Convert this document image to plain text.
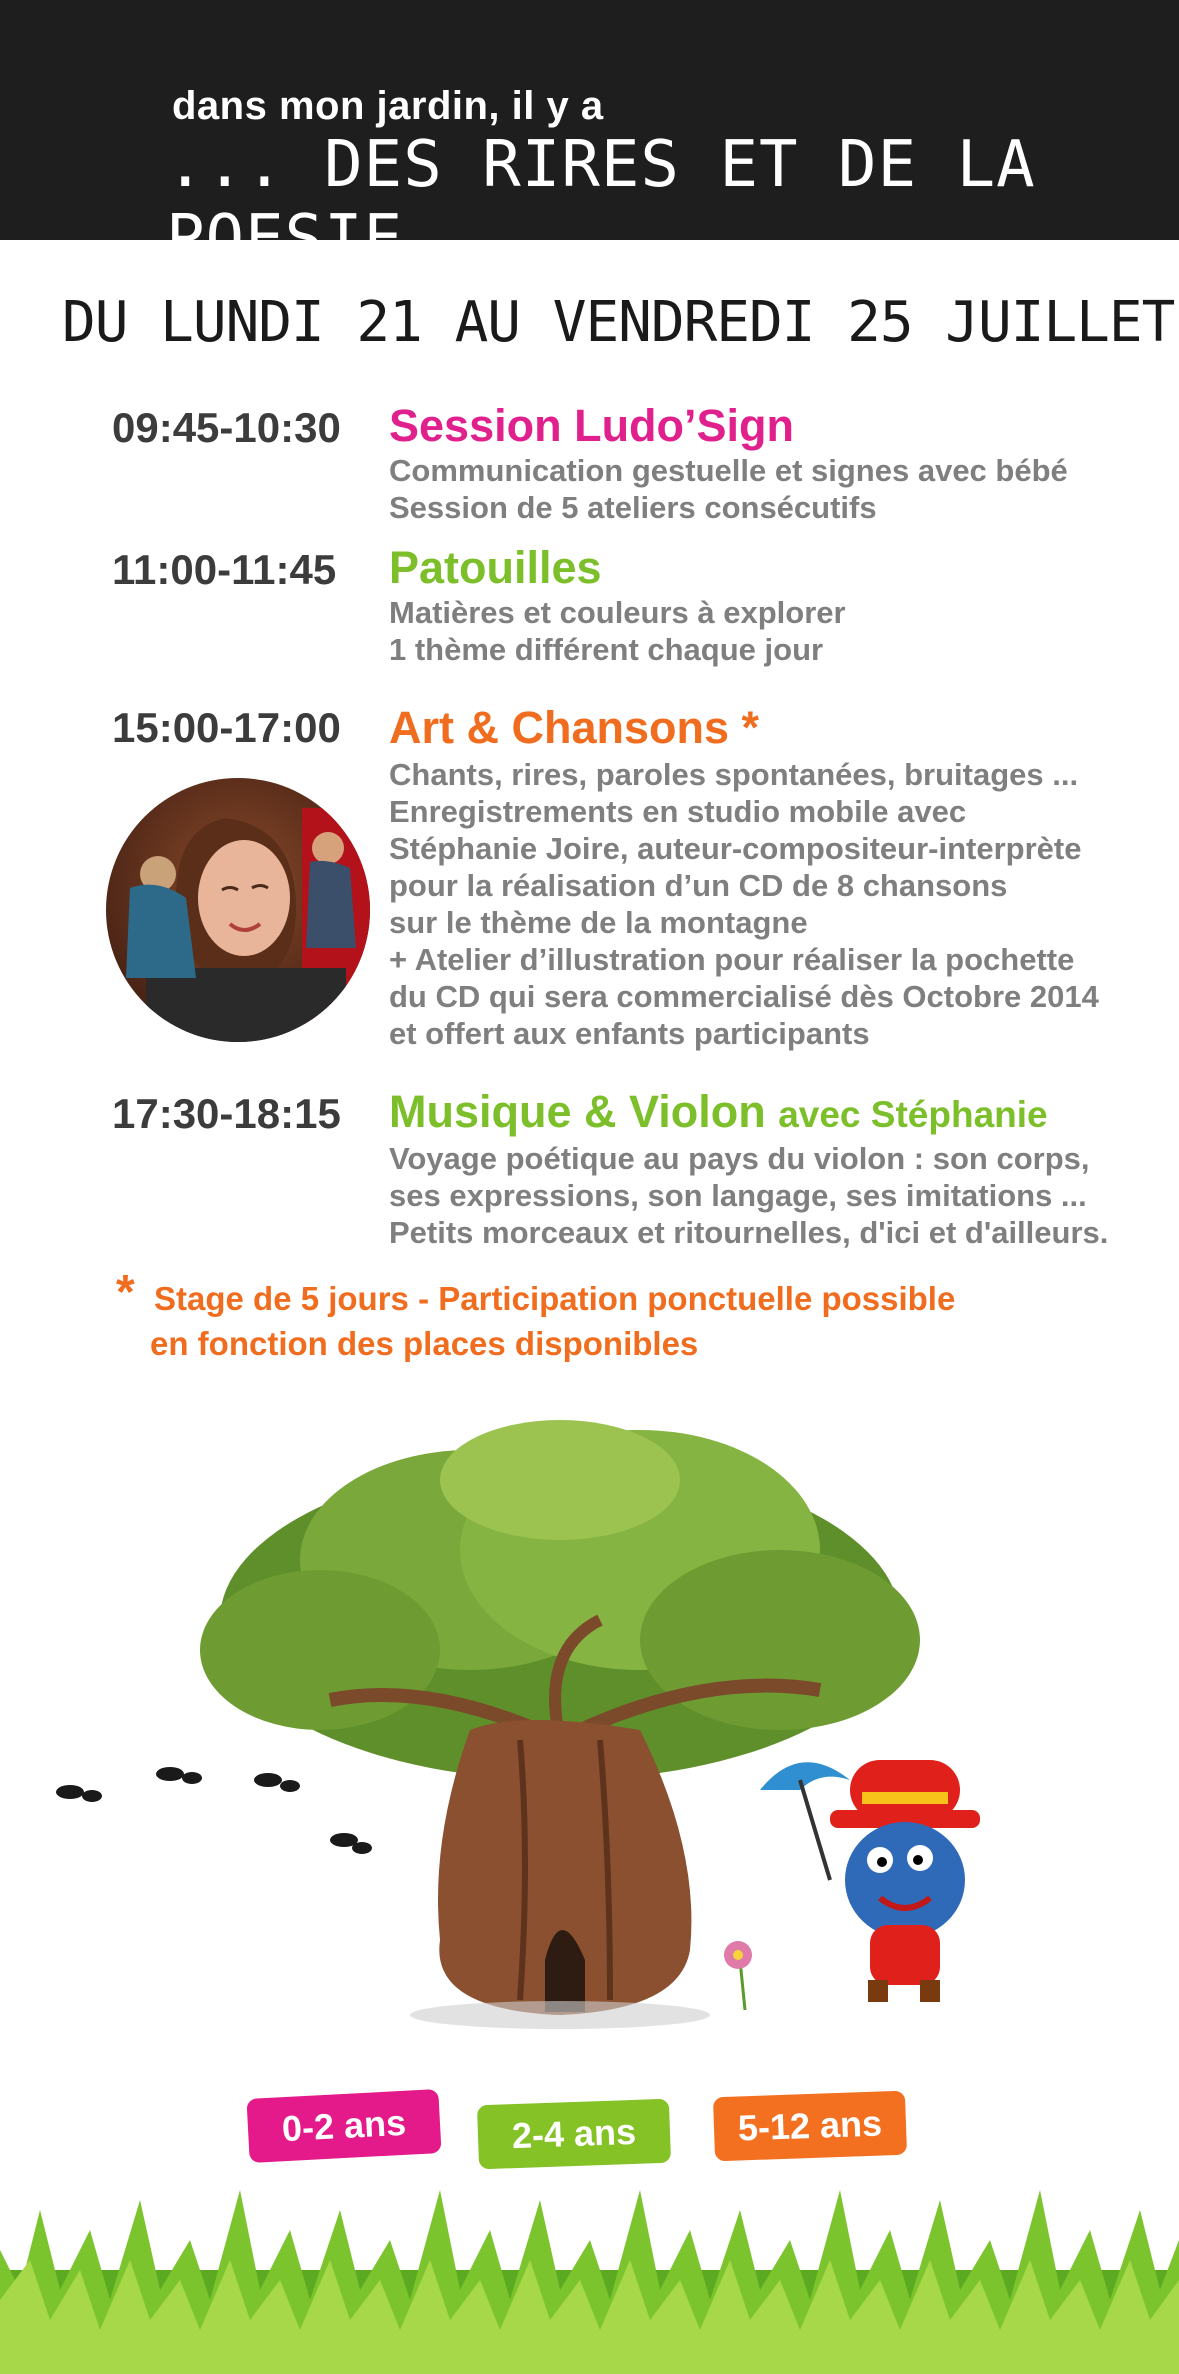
dans mon jardin, il y a
... DES RIRES ET DE LA POESIE
DU LUNDI 21 AU VENDREDI 25 JUILLET
09:45-10:30 Session Ludo’Sign
Communication gestuelle et signes avec bébé
Session de 5 ateliers consécutifs
11:00-11:45 Patouilles
Matières et couleurs à explorer
1 thème différent chaque jour
15:00-17:00 Art & Chansons *
Chants, rires, paroles spontanées, bruitages ...
Enregistrements en studio mobile avec
Stéphanie Joire, auteur-compositeur-interprète
pour la réalisation d’un CD de 8 chansons
sur le thème de la montagne
+ Atelier d’illustration pour réaliser la pochette
du CD qui sera commercialisé dès Octobre 2014
et offert aux enfants participants
17:30-18:15 Musique & Violon avec Stéphanie
Voyage poétique au pays du violon : son corps,
ses expressions, son langage, ses imitations ...
Petits morceaux et ritournelles, d'ici et d'ailleurs.
* Stage de 5 jours - Participation ponctuelle possible
en fonction des places disponibles
0-2 ans	2-4 ans	5-12 ans
